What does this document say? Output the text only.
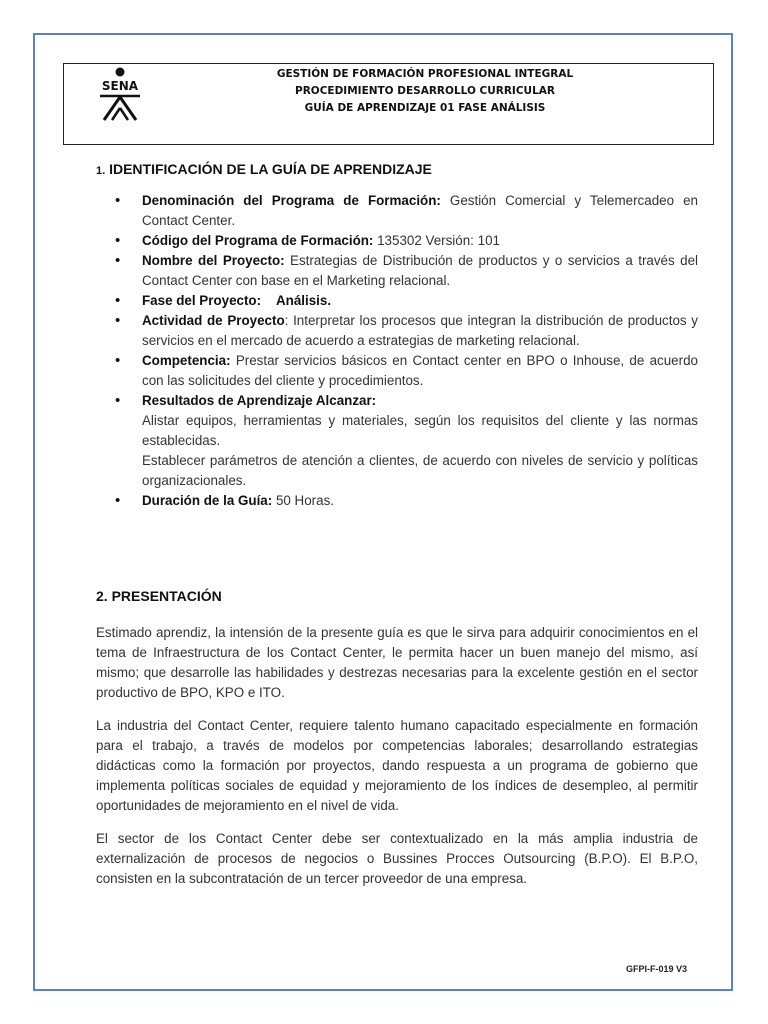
SENA
GESTIÓN DE FORMACIÓN PROFESIONAL INTEGRAL
PROCEDIMIENTO DESARROLLO CURRICULAR
GUÍA DE APRENDIZAJE 01 FASE ANÁLISIS
1. IDENTIFICACIÓN DE LA GUÍA DE APRENDIZAJE
• Denominación del Programa de Formación: Gestión Comercial y Telemercadeo en Contact Center.
• Código del Programa de Formación: 135302 Versión: 101
• Nombre del Proyecto: Estrategias de Distribución de productos y o servicios a través del Contact Center con base en el Marketing relacional.
• Fase del Proyecto: Análisis.
• Actividad de Proyecto: Interpretar los procesos que integran la distribución de productos y servicios en el mercado de acuerdo a estrategias de marketing relacional.
• Competencia: Prestar servicios básicos en Contact center en BPO o Inhouse, de acuerdo con las solicitudes del cliente y procedimientos.
• Resultados de Aprendizaje Alcanzar:
Alistar equipos, herramientas y materiales, según los requisitos del cliente y las normas establecidas.
Establecer parámetros de atención a clientes, de acuerdo con niveles de servicio y políticas organizacionales.
• Duración de la Guía: 50 Horas.
2. PRESENTACIÓN

Estimado aprendiz, la intensión de la presente guía es que le sirva para adquirir conocimientos en el tema de Infraestructura de los Contact Center, le permita hacer un buen manejo del mismo, así mismo; que desarrolle las habilidades y destrezas necesarias para la excelente gestión en el sector productivo de BPO, KPO e ITO.

La industria del Contact Center, requiere talento humano capacitado especialmente en formación para el trabajo, a través de modelos por competencias laborales; desarrollando estrategias didácticas como la formación por proyectos, dando respuesta a un programa de gobierno que implementa políticas sociales de equidad y mejoramiento de los índices de desempleo, al permitir oportunidades de mejoramiento en el nivel de vida.

El sector de los Contact Center debe ser contextualizado en la más amplia industria de externalización de procesos de negocios o Bussines Procces Outsourcing (B.P.O). El B.P.O, consisten en la subcontratación de un tercer proveedor de una empresa.

GFPI-F-019 V3
